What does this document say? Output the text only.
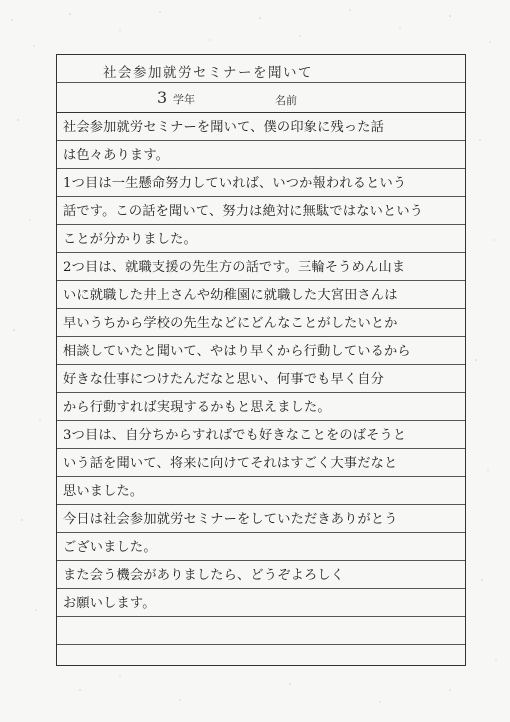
社会参加就労セミナーを聞いて
3 学年	名前
社会参加就労セミナーを聞いて、僕の印象に残った話
は色々あります。
1つ目は一生懸命努力していれば、いつか報われるという
話です。この話を聞いて、努力は絶対に無駄ではないという
ことが分かりました。
2つ目は、就職支援の先生方の話です。三輪そうめん山ま
いに就職した井上さんや幼稚園に就職した大宮田さんは
早いうちから学校の先生などにどんなことがしたいとか
相談していたと聞いて、やはり早くから行動しているから
好きな仕事につけたんだなと思い、何事でも早く自分
から行動すれば実現するかもと思えました。
3つ目は、自分ちからすればでも好きなことをのばそうと
いう話を聞いて、将来に向けてそれはすごく大事だなと
思いました。
今日は社会参加就労セミナーをしていただきありがとう
ございました。
また会う機会がありましたら、どうぞよろしく
お願いします。
